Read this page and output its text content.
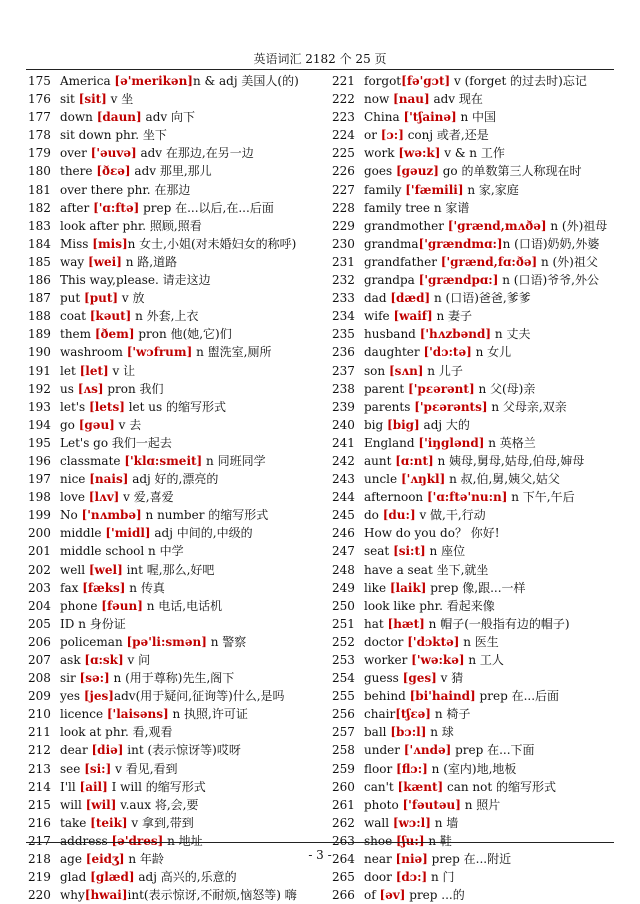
英语词汇 2182 个 25 页
175 America [ə'merikən]n & adj 美国人(的)
176 sit [sit] v 坐
177 down [daun] adv 向下
178 sit down phr. 坐下
179 over ['əuvə] adv 在那边,在另一边
180 there [ðεə] adv 那里,那儿
181 over there phr. 在那边
182 after ['ɑ:ftə] prep 在...以后,在...后面
183 look after phr. 照顾,照看
184 Miss [mis]n 女士,小姐(对未婚妇女的称呼)
185 way [wei] n 路,道路
186 This way,please. 请走这边
187 put [put] v 放
188 coat [kəut] n 外套,上衣
189 them [ðem] pron 他(她,它)们
190 washroom ['wɔfrum] n 盥洗室,厕所
191 let [let] v 让
192 us [ʌs] pron 我们
193 let's [lets] let us 的缩写形式
194 go [gəu] v 去
195 Let's go 我们一起去
196 classmate ['klɑ:smeit] n 同班同学
197 nice [nais] adj 好的,漂亮的
198 love [lʌv] v 爱,喜爱
199 No ['nʌmbə] n number 的缩写形式
200 middle ['midl] adj 中间的,中级的
201 middle school n 中学
202 well [wel] int 喔,那么,好吧
203 fax [fæks] n 传真
204 phone [fəun] n 电话,电话机
205 ID n 身份证
206 policeman [pə'li:smən] n 警察
207 ask [ɑ:sk] v 问
208 sir [sə:] n (用于尊称)先生,阁下
209 yes [jes]adv(用于疑问,征询等)什么,是吗
210 licence ['laisəns] n 执照,许可证
211 look at phr. 看,观看
212 dear [diə] int (表示惊讶等)哎呀
213 see [si:] v 看见,看到
214 I'll [ail] I will 的缩写形式
215 will [wil] v.aux 将,会,要
216 take [teik] v 拿到,带到
217 address [ə'dres] n 地址
218 age [eidʒ] n 年龄
219 glad [glæd] adj 高兴的,乐意的
220 why[hwai]int(表示惊讶,不耐烦,恼怒等) 嗨
221 forgot[fə'gɔt] v (forget 的过去时)忘记
222 now [nau] adv 现在
223 China ['tʃainə] n 中国
224 or [ɔ:] conj 或者,还是
225 work [wə:k] v & n 工作
226 goes [gəuz] go 的单数第三人称现在时
227 family ['fæmili] n 家,家庭
228 family tree n 家谱
229 grandmother ['grænd,mʌðə] n (外)祖母
230 grandma['grændmɑ:]n (口语)奶奶,外婆
231 grandfather ['grænd,fɑ:ðə] n (外)祖父
232 grandpa ['grændpɑ:] n (口语)爷爷,外公
233 dad [dæd] n (口语)爸爸,爹爹
234 wife [waif] n 妻子
235 husband ['hʌzbənd] n 丈夫
236 daughter ['dɔ:tə] n 女儿
237 son [sʌn] n 儿子
238 parent ['pεərənt] n 父(母)亲
239 parents ['pεərənts] n 父母亲,双亲
240 big [big] adj 大的
241 England ['iŋglənd] n 英格兰
242 aunt [ɑ:nt] n 姨母,舅母,姑母,伯母,婶母
243 uncle ['ʌŋkl] n 叔,伯,舅,姨父,姑父
244 afternoon ['ɑ:ftə'nu:n] n 下午,午后
245 do [du:] v 做,干,行动
246 How do you do？ 你好!
247 seat [si:t] n 座位
248 have a seat 坐下,就坐
249 like [laik] prep 像,跟...一样
250 look like phr. 看起来像
251 hat [hæt] n 帽子(一般指有边的帽子)
252 doctor ['dɔktə] n 医生
253 worker ['wə:kə] n 工人
254 guess [ges] v 猜
255 behind [bi'haind] prep 在...后面
256 chair[tʃεə] n 椅子
257 ball [bɔ:l] n 球
258 under ['ʌndə] prep 在...下面
259 floor [flɔ:] n (室内)地,地板
260 can't [kænt] can not 的缩写形式
261 photo ['fəutəu] n 照片
262 wall [wɔ:l] n 墙
263 shoe [ʃu:] n 鞋
264 near [niə] prep 在...附近
265 door [dɔ:] n 门
266 of [əv] prep ...的
- 3 -
